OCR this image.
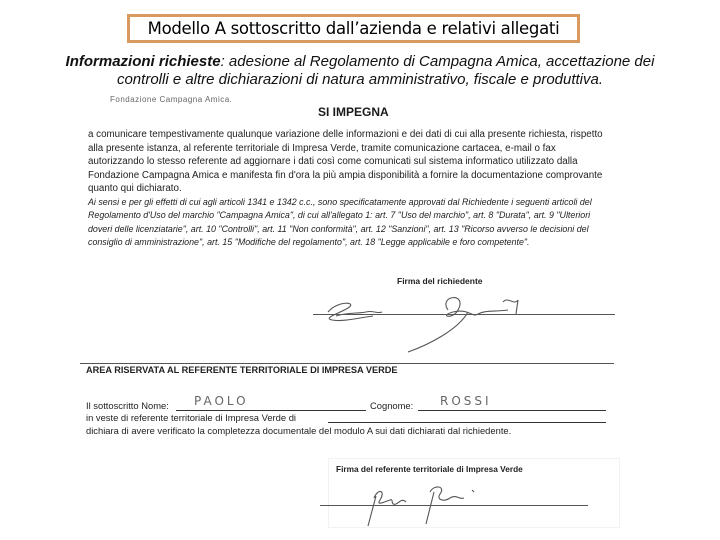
Modello A sottoscritto dall’azienda e relativi allegati
Informazioni richieste: adesione al Regolamento di Campagna Amica, accettazione dei
controlli e altre dichiarazioni di natura amministrativo, fiscale e produttiva.
Fondazione Campagna Amica.
SI IMPEGNA
a comunicare tempestivamente qualunque variazione delle informazioni e dei dati di cui alla presente richiesta, rispetto
alla presente istanza, al referente territoriale di Impresa Verde, tramite comunicazione cartacea, e-mail o fax
autorizzando lo stesso referente ad aggiornare i dati così come comunicati sul sistema informatico utilizzato dalla
Fondazione Campagna Amica e manifesta fin d'ora la più ampia disponibilità a fornire la documentazione comprovante
quanto qui dichiarato.
Ai sensi e per gli effetti di cui agli articoli 1341 e 1342 c.c., sono specificatamente approvati dal Richiedente i seguenti articoli del
Regolamento d'Uso del marchio "Campagna Amica", di cui all'allegato 1: art. 7 "Uso del marchio", art. 8 "Durata", art. 9 "Ulteriori
doveri delle licenziatarie", art. 10 "Controlli", art. 11 "Non conformità", art. 12 "Sanzioni", art. 13 "Ricorso avverso le decisioni del
consiglio di amministrazione", art. 15 "Modifiche del regolamento", art. 18 "Legge applicabile e foro competente".
Firma del richiedente
AREA RISERVATA AL REFERENTE TERRITORIALE DI IMPRESA VERDE
Il sottoscritto Nome: PAOLO	Cognome: ROSSI
in veste di referente territoriale di Impresa Verde di
dichiara di avere verificato la completezza documentale del modulo A sui dati dichiarati dal richiedente.
Firma del referente territoriale di Impresa Verde
